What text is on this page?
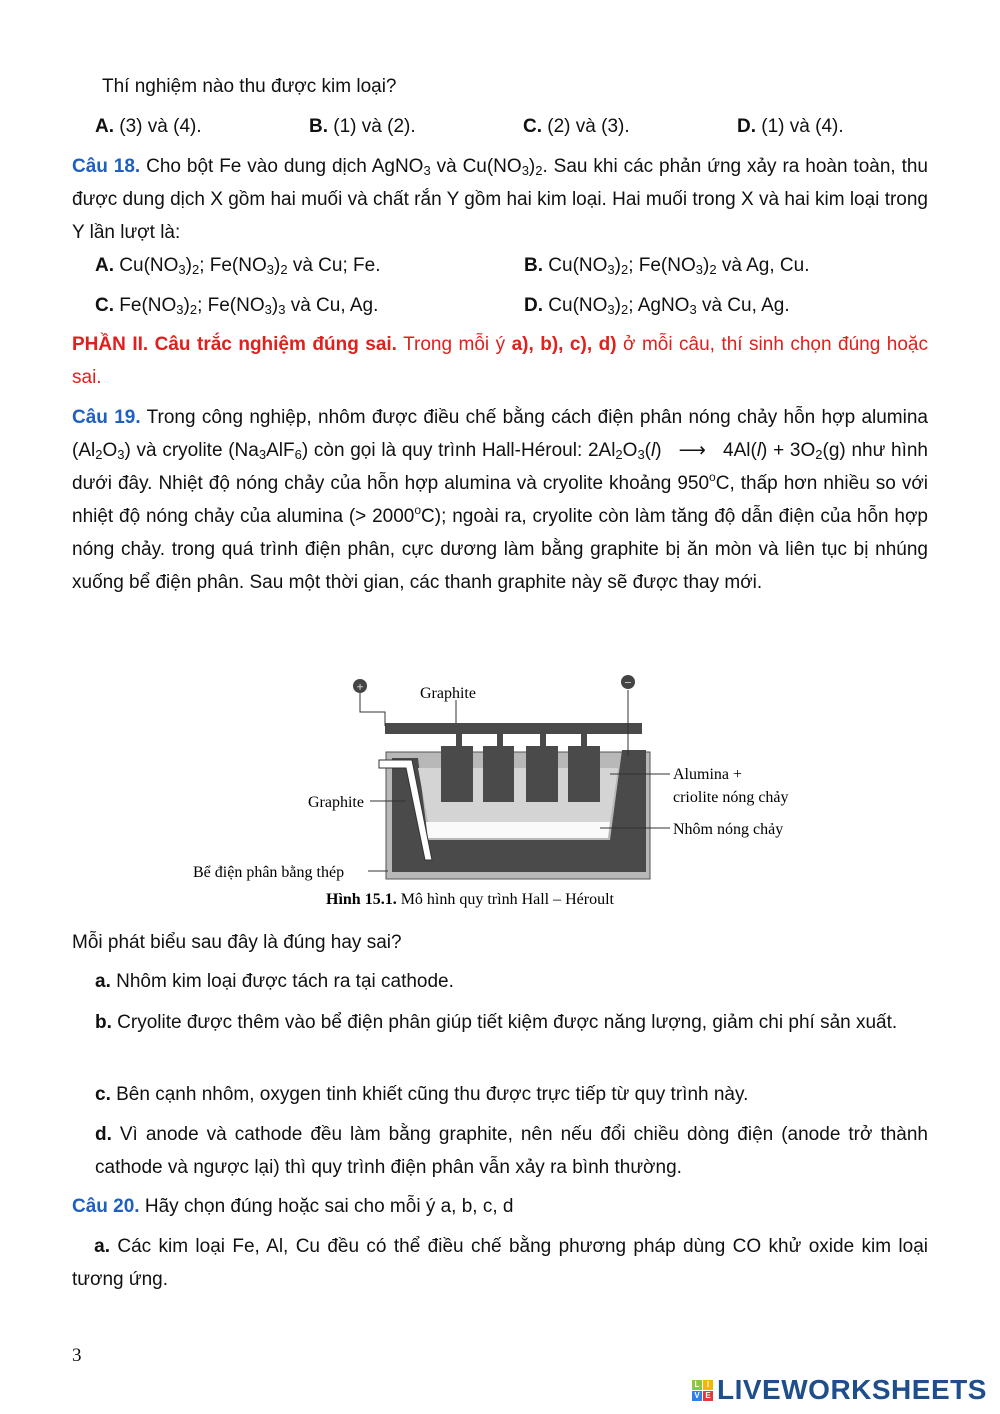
Thí nghiệm nào thu được kim loại?
A. (3) và (4).	B. (1) và (2).	C. (2) và (3).	D. (1) và (4).
Câu 18. Cho bột Fe vào dung dịch AgNO$_3$ và $Cu(NO_3)_2$. Sau khi các phản ứng xảy ra hoàn toàn, thu được dung dịch X gồm hai muối và chất rắn Y gồm hai kim loại. Hai muối trong X và hai kim loại trong Y lần lượt là:
A. $Cu(NO_3)_2$; $Fe(NO_3)_2$ và Cu; Fe.	B. $Cu(NO_3)_2$; $Fe(NO_3)_2$ và Ag, Cu.
C. $Fe(NO_3)_2$; $Fe(NO_3)_3$ và Cu, Ag.	D. $Cu(NO_3)_2$; AgNO$_3$ và Cu, Ag.
PHẦN II. Câu trắc nghiệm đúng sai. Trong mỗi ý a), b), c), d) ở mỗi câu, thí sinh chọn đúng hoặc sai.
Câu 19. Trong công nghiệp, nhôm được điều chế bằng cách điện phân nóng chảy hỗn hợp alumina $(Al_2O_3)$ và cryolite $(Na_3AlF_6)$ còn gọi là quy trình Hall-Héroul: $2Al_2O_3(l)$ ⟶ $4Al(l) + 3O_2(g)$ như hình dưới đây. Nhiệt độ nóng chảy của hỗn hợp alumina và cryolite khoảng 950$^o$C, thấp hơn nhiều so với nhiệt độ nóng chảy của alumina (> $2000^oC$); ngoài ra, cryolite còn làm tăng độ dẫn điện của hỗn hợp nóng chảy. trong quá trình điện phân, cực dương làm bằng graphite bị ăn mòn và liên tục bị nhúng xuống bể điện phân. Sau một thời gian, các thanh graphite này sẽ được thay mới.
+	−
Graphite
Graphite
Alumina +
criolite nóng chảy
Nhôm nóng chảy
Bể điện phân bằng thép
Hình 15.1. Mô hình quy trình Hall – Héroult
Mỗi phát biểu sau đây là đúng hay sai?
a. Nhôm kim loại được tách ra tại cathode.
b. Cryolite được thêm vào bể điện phân giúp tiết kiệm được năng lượng, giảm chi phí sản xuất.
c. Bên cạnh nhôm, oxygen tinh khiết cũng thu được trực tiếp từ quy trình này.
d. Vì anode và cathode đều làm bằng graphite, nên nếu đổi chiều dòng điện (anode trở thành cathode và ngược lại) thì quy trình điện phân vẫn xảy ra bình thường.
Câu 20. Hãy chọn đúng hoặc sai cho mỗi ý a, b, c, d
a. Các kim loại Fe, Al, Cu đều có thể điều chế bằng phương pháp dùng CO khử oxide kim loại tương ứng.
3
L I
V E LIVEWORKSHEETS
